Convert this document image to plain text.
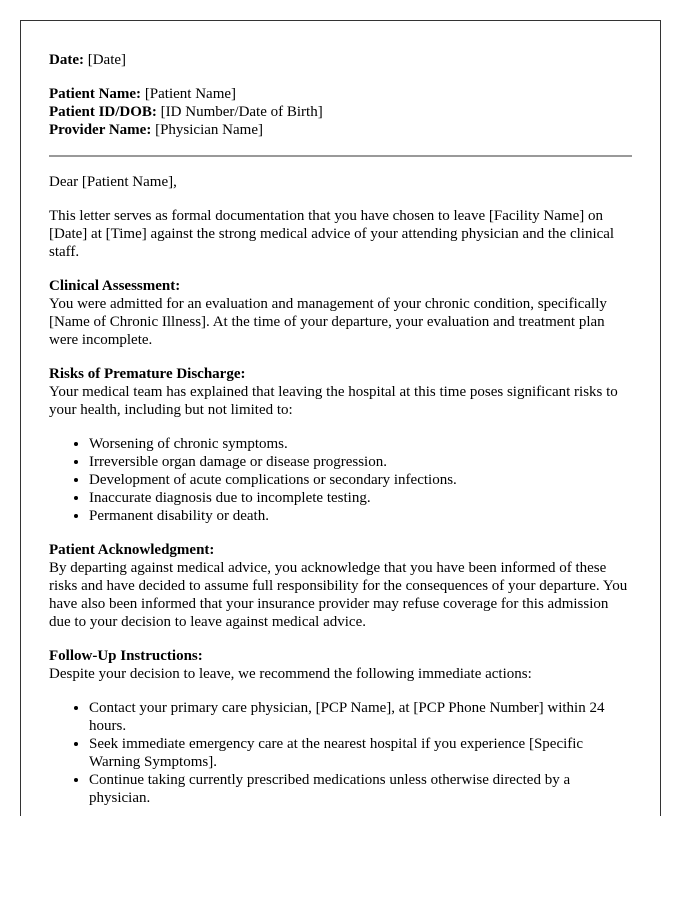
Date: [Date]

Patient Name: [Patient Name]
Patient ID/DOB: [ID Number/Date of Birth]
Provider Name: [Physician Name]

Dear [Patient Name],

This letter serves as formal documentation that you have chosen to leave [Facility Name] on [Date] at [Time] against the strong medical advice of your attending physician and the clinical staff.

Clinical Assessment:
You were admitted for an evaluation and management of your chronic condition, specifically [Name of Chronic Illness]. At the time of your departure, your evaluation and treatment plan were incomplete.

Risks of Premature Discharge:
Your medical team has explained that leaving the hospital at this time poses significant risks to your health, including but not limited to:

• Worsening of chronic symptoms.
• Irreversible organ damage or disease progression.
• Development of acute complications or secondary infections.
• Inaccurate diagnosis due to incomplete testing.
• Permanent disability or death.

Patient Acknowledgment:
By departing against medical advice, you acknowledge that you have been informed of these risks and have decided to assume full responsibility for the consequences of your departure. You have also been informed that your insurance provider may refuse coverage for this admission due to your decision to leave against medical advice.

Follow-Up Instructions:
Despite your decision to leave, we recommend the following immediate actions:

• Contact your primary care physician, [PCP Name], at [PCP Phone Number] within 24 hours.
• Seek immediate emergency care at the nearest hospital if you experience [Specific Warning Symptoms].
• Continue taking currently prescribed medications unless otherwise directed by a physician.
